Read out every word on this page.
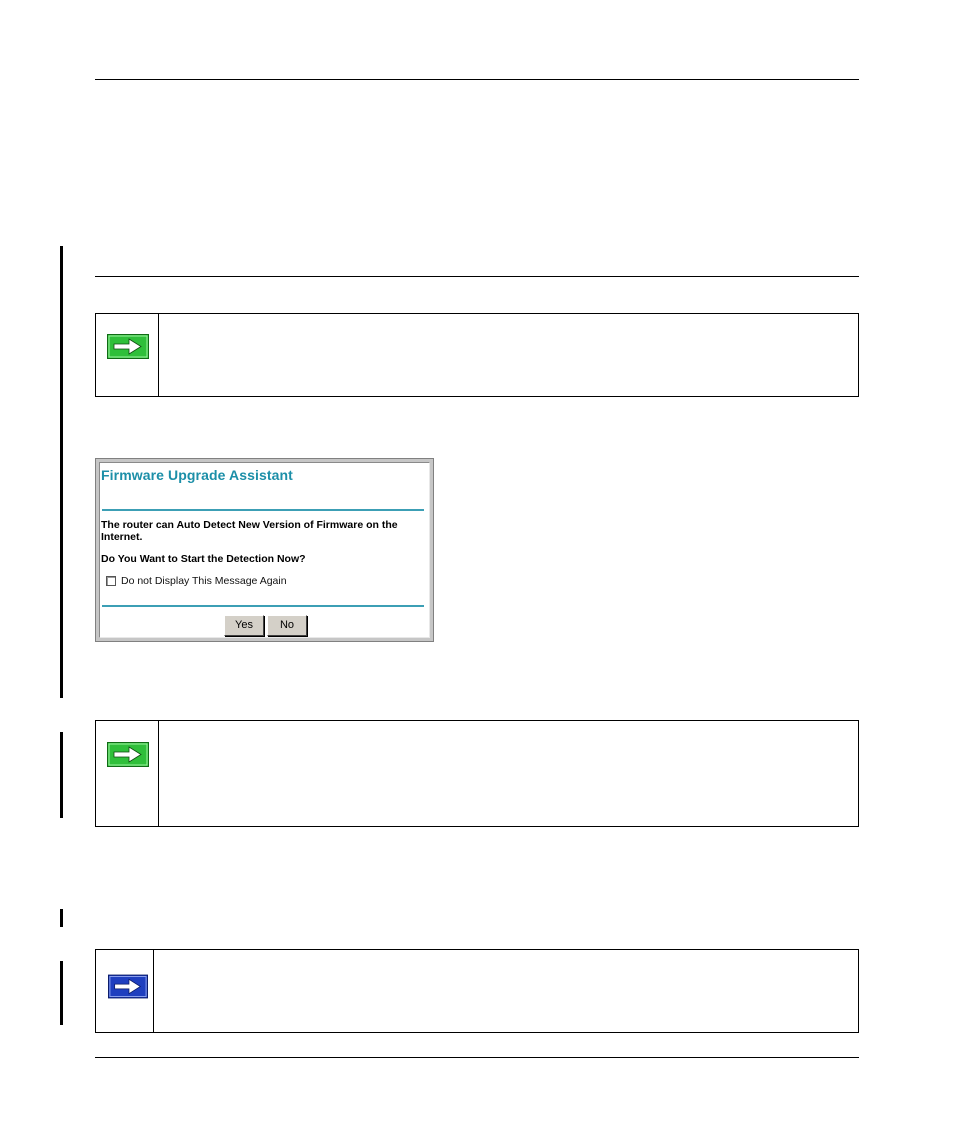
Firmware Upgrade Assistant
The router can Auto Detect New Version of Firmware on the Internet.
Do You Want to Start the Detection Now?
Do not Display This Message Again
Yes	No
